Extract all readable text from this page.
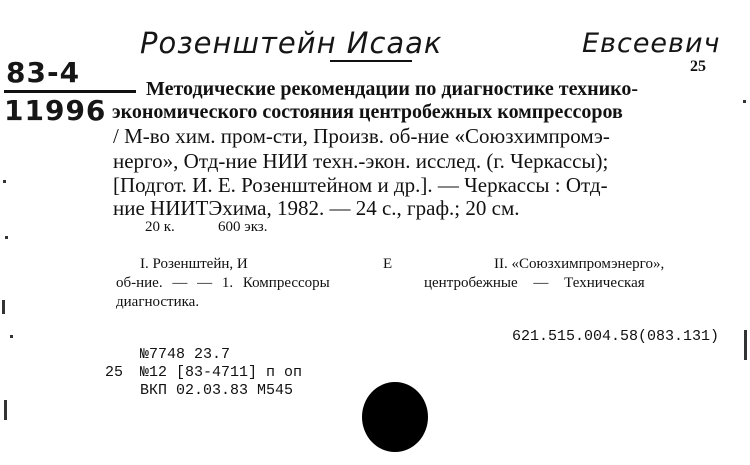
Розенштейн Исаак	Евсеевич
83-4
11996
25
Методические рекомендации по диагностике технико-
экономического состояния центробежных компрессоров
/ М-во хим. пром-сти, Произв. об-ние «Союзхимпромэ-
нерго», Отд-ние НИИ техн.-экон. исслед. (г. Черкассы);
[Подгот. И. Е. Розенштейном и др.]. — Черкассы : Отд-
ние НИИТЭхима, 1982. — 24 с., граф.; 20 см.
20 к.	600 экз.
I. Розенштейн, И	Е	II. «Союзхимпромэнерго»,
об-ние. — — 1. Компрессоры	центробежные — Техническая
диагностика.
621.515.004.58(083.131)
№7748 23.7
25 №12 [83-4711] п оп
ВКП 02.03.83 М545
